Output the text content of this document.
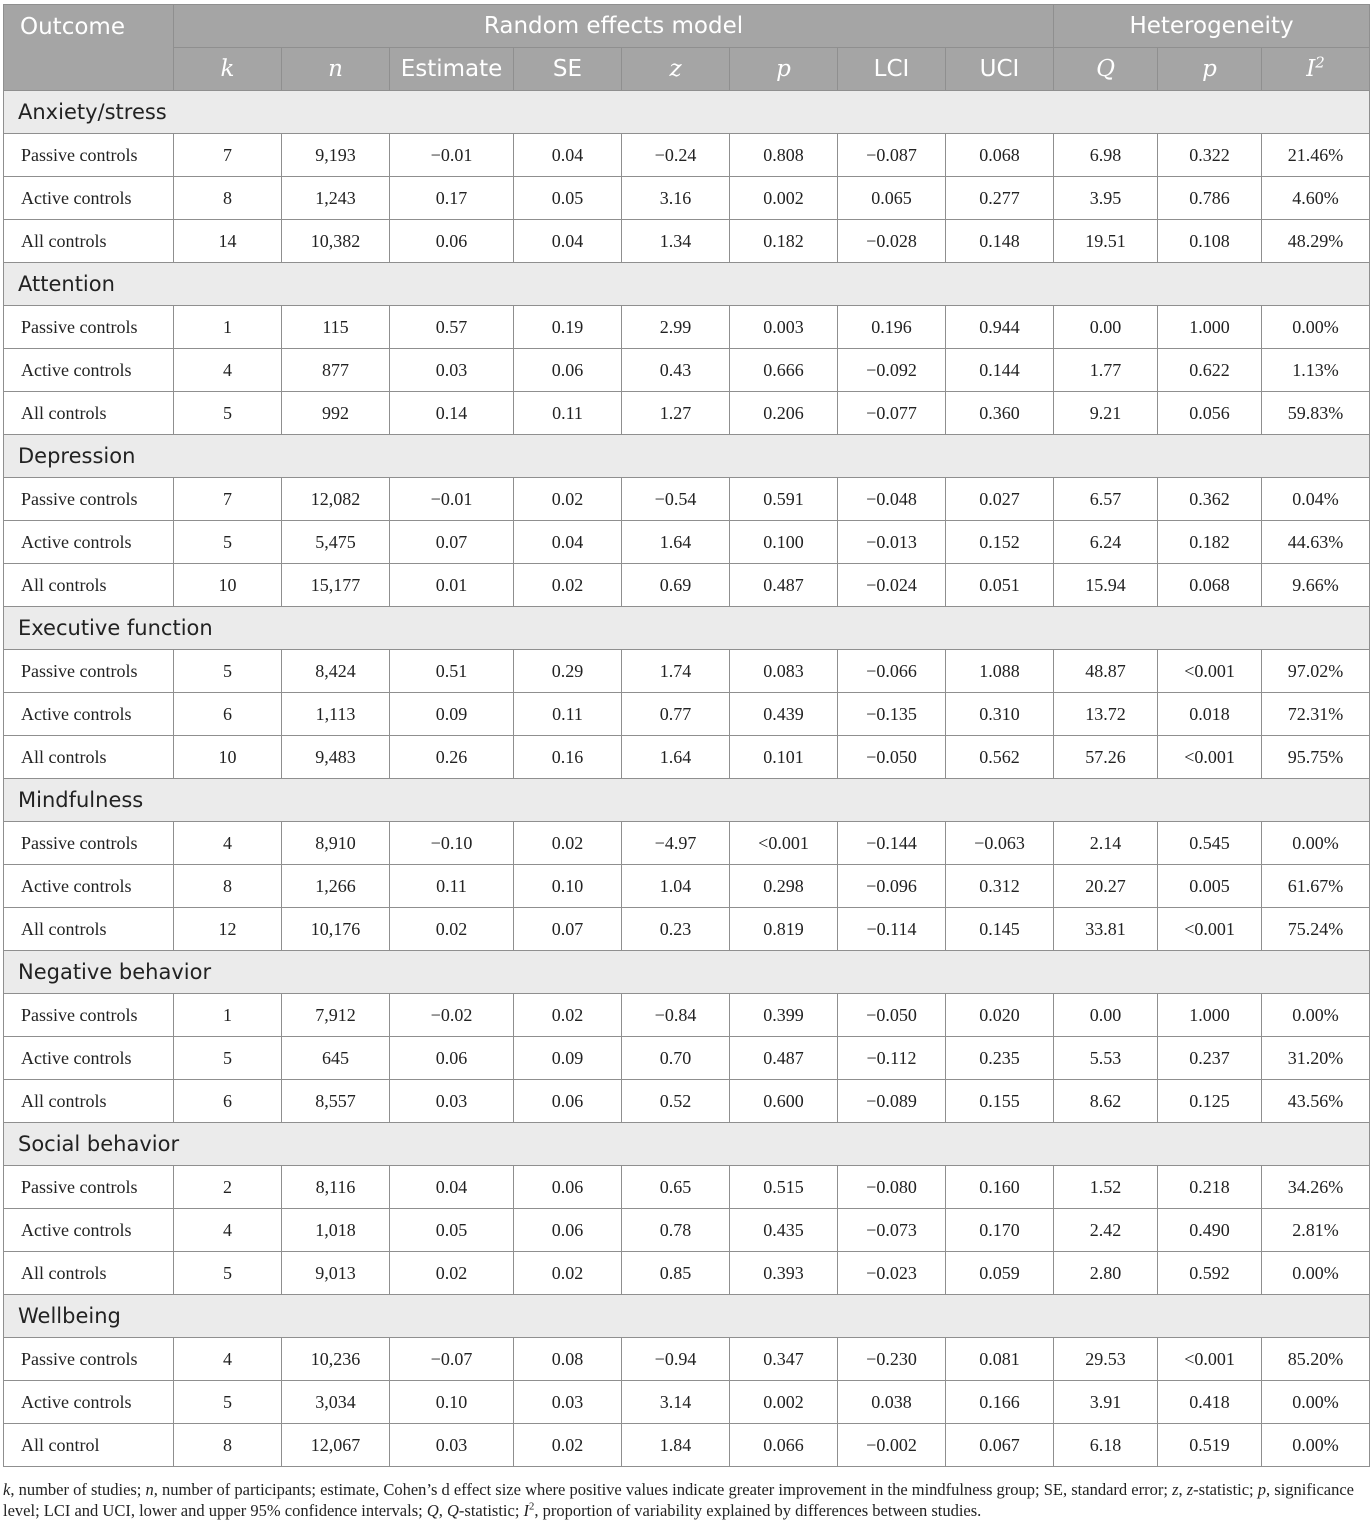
Outcome	Random effects model								Heterogeneity		
	k	n	Estimate	SE	z	p	LCI	UCI	Q	p	$I^2$
Anxiety/stress											
Passive controls	7	9,193	−0.01	0.04	−0.24	0.808	−0.087	0.068	6.98	0.322	21.46%
Active controls	8	1,243	0.17	0.05	3.16	0.002	0.065	0.277	3.95	0.786	4.60%
All controls	14	10,382	0.06	0.04	1.34	0.182	−0.028	0.148	19.51	0.108	48.29%
Attention											
Passive controls	1	115	0.57	0.19	2.99	0.003	0.196	0.944	0.00	1.000	0.00%
Active controls	4	877	0.03	0.06	0.43	0.666	−0.092	0.144	1.77	0.622	1.13%
All controls	5	992	0.14	0.11	1.27	0.206	−0.077	0.360	9.21	0.056	59.83%
Depression											
Passive controls	7	12,082	−0.01	0.02	−0.54	0.591	−0.048	0.027	6.57	0.362	0.04%
Active controls	5	5,475	0.07	0.04	1.64	0.100	−0.013	0.152	6.24	0.182	44.63%
All controls	10	15,177	0.01	0.02	0.69	0.487	−0.024	0.051	15.94	0.068	9.66%
Executive function											
Passive controls	5	8,424	0.51	0.29	1.74	0.083	−0.066	1.088	48.87	<0.001	97.02%
Active controls	6	1,113	0.09	0.11	0.77	0.439	−0.135	0.310	13.72	0.018	72.31%
All controls	10	9,483	0.26	0.16	1.64	0.101	−0.050	0.562	57.26	<0.001	95.75%
Mindfulness											
Passive controls	4	8,910	−0.10	0.02	−4.97	<0.001	−0.144	−0.063	2.14	0.545	0.00%
Active controls	8	1,266	0.11	0.10	1.04	0.298	−0.096	0.312	20.27	0.005	61.67%
All controls	12	10,176	0.02	0.07	0.23	0.819	−0.114	0.145	33.81	<0.001	75.24%
Negative behavior											
Passive controls	1	7,912	−0.02	0.02	−0.84	0.399	−0.050	0.020	0.00	1.000	0.00%
Active controls	5	645	0.06	0.09	0.70	0.487	−0.112	0.235	5.53	0.237	31.20%
All controls	6	8,557	0.03	0.06	0.52	0.600	−0.089	0.155	8.62	0.125	43.56%
Social behavior											
Passive controls	2	8,116	0.04	0.06	0.65	0.515	−0.080	0.160	1.52	0.218	34.26%
Active controls	4	1,018	0.05	0.06	0.78	0.435	−0.073	0.170	2.42	0.490	2.81%
All controls	5	9,013	0.02	0.02	0.85	0.393	−0.023	0.059	2.80	0.592	0.00%
Wellbeing											
Passive controls	4	10,236	−0.07	0.08	−0.94	0.347	−0.230	0.081	29.53	<0.001	85.20%
Active controls	5	3,034	0.10	0.03	3.14	0.002	0.038	0.166	3.91	0.418	0.00%
All control	8	12,067	0.03	0.02	1.84	0.066	−0.002	0.067	6.18	0.519	0.00%
k, number of studies; n, number of participants; estimate, Cohen’s d effect size where positive values indicate greater improvement in the mindfulness group; SE, standard error; z, z-statistic; p, significance level; LCI and UCI, lower and upper 95% confidence intervals; Q, Q-statistic; $I^2$, proportion of variability explained by differences between studies.
